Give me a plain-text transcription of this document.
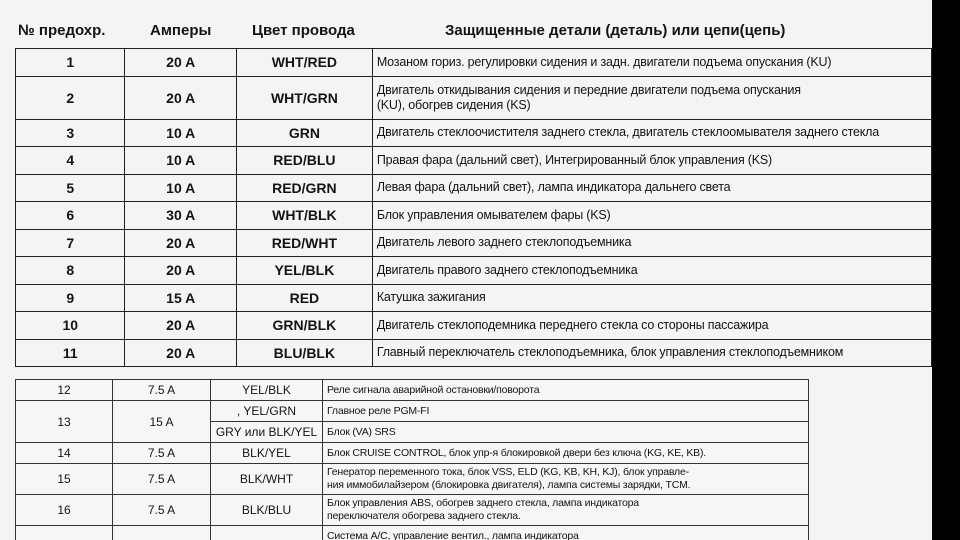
№ предохр.	Амперы	Цвет провода	Защищенные детали (деталь) или цепи(цепь)
1	20 A	WHT/RED	Мозаном гориз. регулировки сидения и задн. двигатели подъема опускания (KU)

2	20 A	WHT/GRN	Двигатель откидывания сидения и передние двигатели подъема опускания
(KU), обогрев сидения (KS)

3	10 A	GRN	Двигатель стеклоочистителя заднего стекла, двигатель стеклоомывателя заднего стекла

4	10 A	RED/BLU	Правая фара (дальний свет), Интегрированный блок управления (KS)

5	10 A	RED/GRN	Левая фара (дальний свет), лампа индикатора дальнего света

6	30 A	WHT/BLK	Блок управления омывателем фары (KS)

7	20 A	RED/WHT	Двигатель левого заднего стеклоподъемника

8	20 A	YEL/BLK	Двигатель правого заднего стеклоподъемника

9	15 A	RED	Катушка зажигания

10	20 A	GRN/BLK	Двигатель стеклоподемника переднего стекла со стороны пассажира

11	20 A	BLU/BLK	Главный переключатель стеклоподъемника, блок управления стеклоподъемником
12	7.5 A	YEL/BLK	Реле сигнала аварийной остановки/поворота

13	15 A	, YEL/GRN	Главное реле PGM-FI

		GRY или BLK/YEL	Блок (VA) SRS

14	7.5 A	BLK/YEL	Блок CRUISE CONTROL, блок упр-я блокировкой двери без ключа (KG, KE, KB).

15	7.5 A	BLK/WHT	Генератор переменного тока, блок VSS, ELD (KG, KB, KH, KJ), блок управле-
ния иммобилайзером (блокировка двигателя), лампа системы зарядки, TCM.

16	7.5 A	BLK/BLU	Блок управления ABS, обогрев заднего стекла, лампа индикатора
переключателя обогрева заднего стекла.

			Система A/C, управление вентил., лампа индикатора
